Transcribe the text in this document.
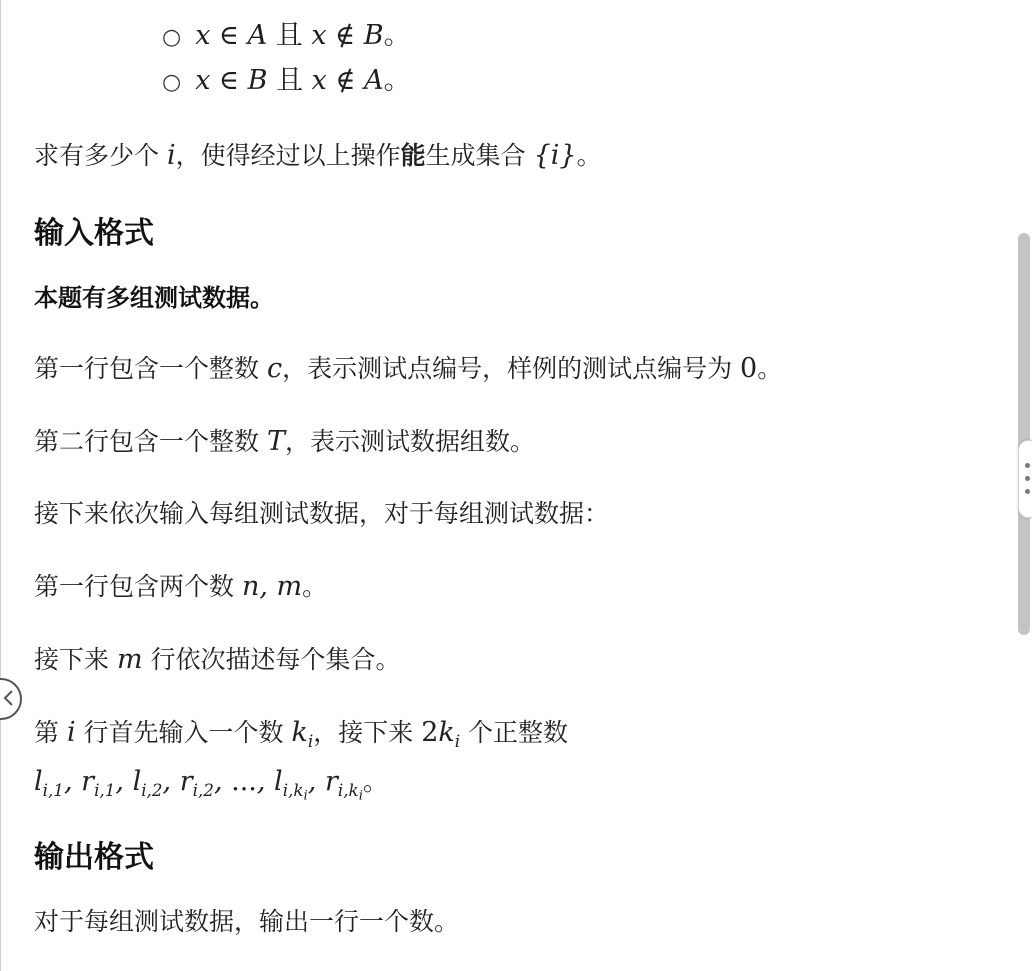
○ x ∈ A 且 x ∉ B。
○ x ∈ B 且 x ∉ A。
求有多少个 i，使得经过以上操作能生成集合 {i}。
输入格式
本题有多组测试数据。
第一行包含一个整数 c，表示测试点编号，样例的测试点编号为 0。
第二行包含一个整数 T，表示测试数据组数。
接下来依次输入每组测试数据，对于每组测试数据：
第一行包含两个数 n, m。
接下来 m 行依次描述每个集合。
第 i 行首先输入一个数 $k_i$，接下来 $2k_i$ 个正整数
$l_{i,1}$, $r_{i,1}$, $l_{i,2}$, $r_{i,2}$, ..., $l_{i,k_i}$, $r_{i,k_i}$。
输出格式
对于每组测试数据，输出一行一个数。
